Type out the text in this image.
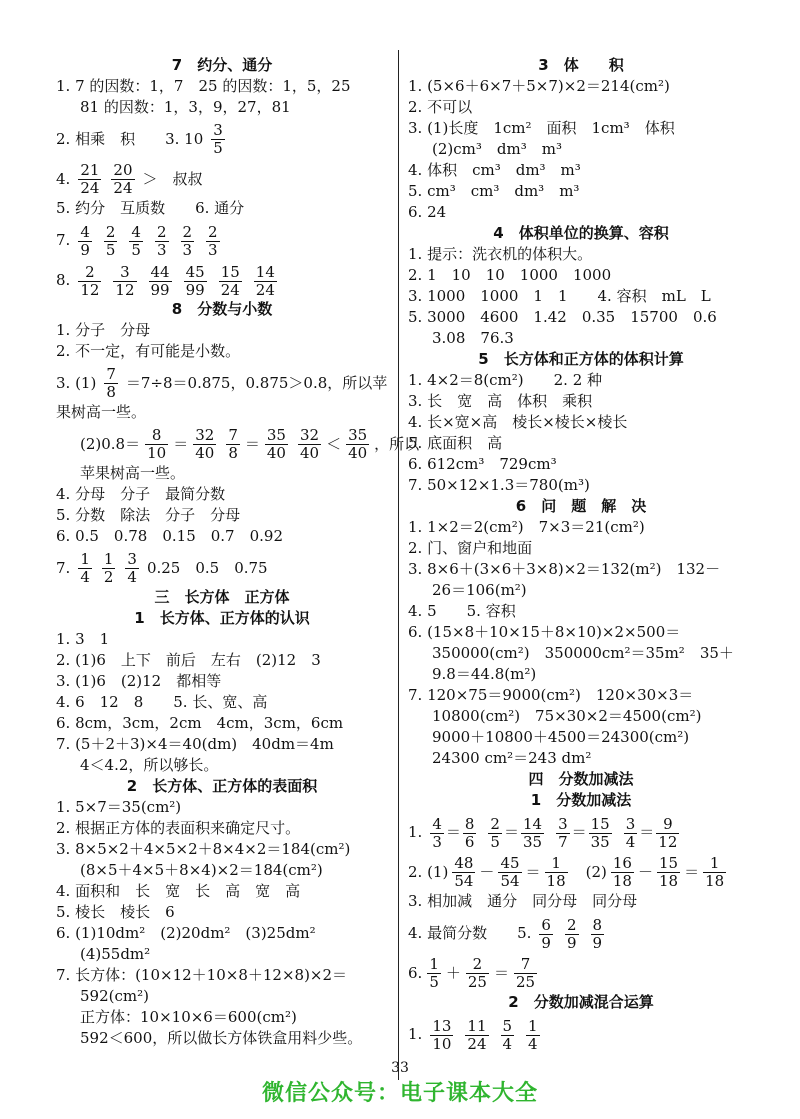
7　约分、通分
1. 7 的因数：1，7　25 的因数：1，5，25
81 的因数：1，3，9，27，81
2. 相乘　积　　3. $10 \frac{3}{5}$
4. $\frac{21}{24} \frac{20}{24}$ ＞　叔叔
5. 约分　互质数　　6. 通分
7. $\frac{4}{9} \frac{2}{5} \frac{4}{5} \frac{2}{3} \frac{2}{3} \frac{2}{3}$
8. $\frac{2}{12} \frac{3}{12} \frac{44}{99} \frac{45}{99} \frac{15}{24} \frac{14}{24}$
8　分数与小数
1. 分子　分母
2. 不一定，有可能是小数。
3. $(1) \frac{7}{8} =7\div 8=0.875$，0.875＞0.8，所以苹
果树高一些。
$(2)0.8= \frac{8}{10} = \frac{32}{40} \frac{7}{8} = \frac{35}{40} \frac{32}{40} < \frac{35}{40}$ ，所以
苹果树高一些。
4. 分母　分子　最简分数
5. 分数　除法　分子　分母
6. 0.5　0.78　0.15　0.7　0.92
7. $\frac{1}{4} \frac{1}{2} \frac{3}{4} 0.25$　0.5　0.75
三　长方体　正方体
1　长方体、正方体的认识
1. 3　1
2. (1)6　上下　前后　左右　(2)12　3
3. (1)6　(2)12　都相等
4. 6　12　8　　5. 长、宽、高
6. 8cm，3cm，2cm　4cm，3cm，6cm
7. (5＋2＋3)×4＝40(dm)　40dm＝4m
4＜4.2，所以够长。
2　长方体、正方体的表面积
1. 5×7＝35(cm²)
2. 根据正方体的表面积来确定尺寸。
3. 8×5×2＋4×5×2＋8×4×2＝184(cm²)
(8×5＋4×5＋8×4)×2＝184(cm²)
4. 面积和　长　宽　长　高　宽　高
5. 棱长　棱长　6
6. (1)10dm²　(2)20dm²　(3)25dm²
(4)55dm²
7. 长方体：(10×12＋10×8＋12×8)×2＝
592(cm²)
正方体：10×10×6＝600(cm²)
592＜600，所以做长方体铁盒用料少些。
3　体　　积
1. (5×6＋6×7＋5×7)×2＝214(cm²)
2. 不可以
3. (1)长度　1cm²　面积　1cm³　体积
(2)cm³　dm³　m³
4. 体积　cm³　dm³　m³
5. cm³　cm³　dm³　m³
6. 24
4　体积单位的换算、容积
1. 提示：洗衣机的体积大。
2. 1　10　10　1000　1000
3. 1000　1000　1　1　　4. 容积　mL　L
5. 3000　4600　1.42　0.35　15700　0.6
3.08　76.3
5　长方体和正方体的体积计算
1. 4×2＝8(cm²)　　2. 2 种
3. 长　宽　高　体积　乘积
4. 长×宽×高　棱长×棱长×棱长
5. 底面积　高
6. 612cm³　729cm³
7. 50×12×1.3＝780(m³)
6　问　题　解　决
1. 1×2＝2(cm²)　7×3＝21(cm²)
2. 门、窗户和地面
3. 8×6＋(3×6＋3×8)×2＝132(m²)　132－
26＝106(m²)
4. 5　　5. 容积
6. (15×8＋10×15＋8×10)×2×500＝
350000(cm²)　350000cm²＝35m²　35＋
9.8＝44.8(m²)
7. 120×75＝9000(cm²)　120×30×3＝
10800(cm²)　75×30×2＝4500(cm²)
9000＋10800＋4500＝24300(cm²)
24300 cm²＝243 dm²
四　分数加减法
1　分数加减法
1. $\frac{4}{3} = \frac{8}{6} \frac{2}{5} = \frac{14}{35} \frac{3}{7} = \frac{15}{35} \frac{3}{4} = \frac{9}{12}$
2. $(1) \frac{48}{54} - \frac{45}{54} = \frac{1}{18} (2) \frac{16}{18} - \frac{15}{18} = \frac{1}{18}$
3. 相加减　通分　同分母　同分母
4. 最简分数　　5. $\frac{6}{9} \frac{2}{9} \frac{8}{9}$
6. $\frac{1}{5} + \frac{2}{25} = \frac{7}{25}$
2　分数加减混合运算
1. $\frac{13}{10} \frac{11}{24} \frac{5}{4} \frac{1}{4}$
33
微信公众号：电子课本大全
